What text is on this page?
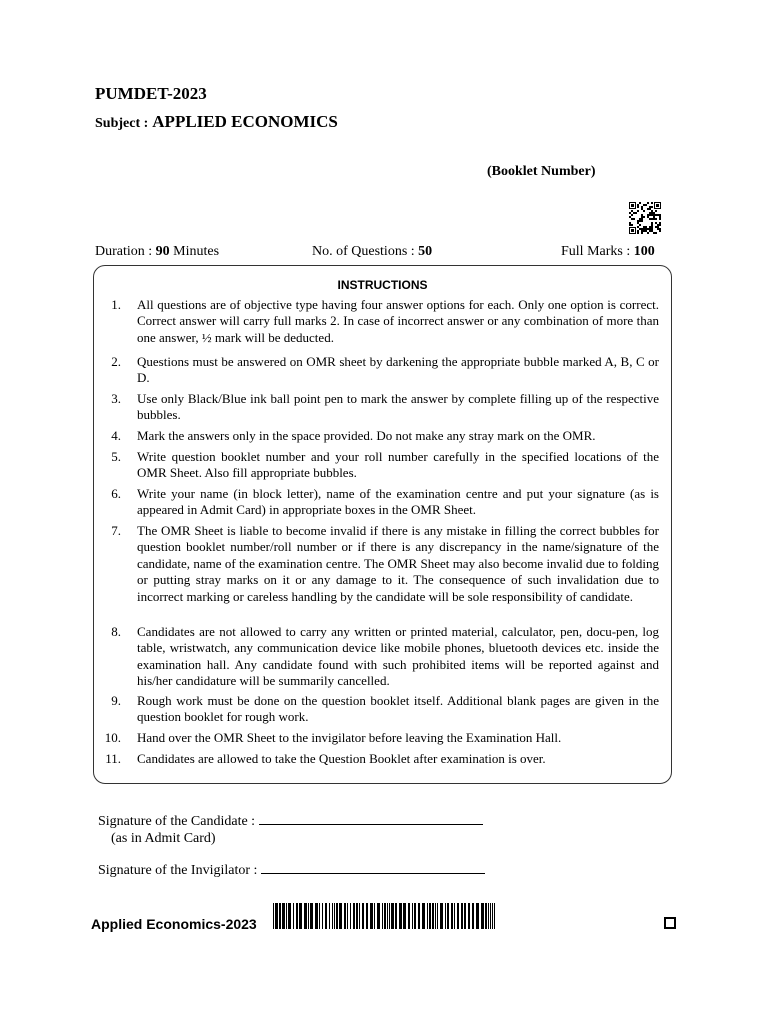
PUMDET-2023
Subject : APPLIED ECONOMICS
(Booklet Number)
Duration : 90 Minutes	No. of Questions : 50	Full Marks : 100
INSTRUCTIONS
1. All questions are of objective type having four answer options for each. Only one option is correct. Correct answer will carry full marks 2. In case of incorrect answer or any combination of more than one answer, ½ mark will be deducted.
2. Questions must be answered on OMR sheet by darkening the appropriate bubble marked A, B, C or D.
3. Use only Black/Blue ink ball point pen to mark the answer by complete filling up of the respective bubbles.
4. Mark the answers only in the space provided. Do not make any stray mark on the OMR.
5. Write question booklet number and your roll number carefully in the specified locations of the OMR Sheet. Also fill appropriate bubbles.
6. Write your name (in block letter), name of the examination centre and put your signature (as is appeared in Admit Card) in appropriate boxes in the OMR Sheet.
7. The OMR Sheet is liable to become invalid if there is any mistake in filling the correct bubbles for question booklet number/roll number or if there is any discrepancy in the name/signature of the candidate, name of the examination centre. The OMR Sheet may also become invalid due to folding or putting stray marks on it or any damage to it. The consequence of such invalidation due to incorrect marking or careless handling by the candidate will be sole responsibility of candidate.
8. Candidates are not allowed to carry any written or printed material, calculator, pen, docu-pen, log table, wristwatch, any communication device like mobile phones, bluetooth devices etc. inside the examination hall. Any candidate found with such prohibited items will be reported against and his/her candidature will be summarily cancelled.
9. Rough work must be done on the question booklet itself. Additional blank pages are given in the question booklet for rough work.
10. Hand over the OMR Sheet to the invigilator before leaving the Examination Hall.
11. Candidates are allowed to take the Question Booklet after examination is over.
Signature of the Candidate :
(as in Admit Card)
Signature of the Invigilator :
Applied Economics-2023
